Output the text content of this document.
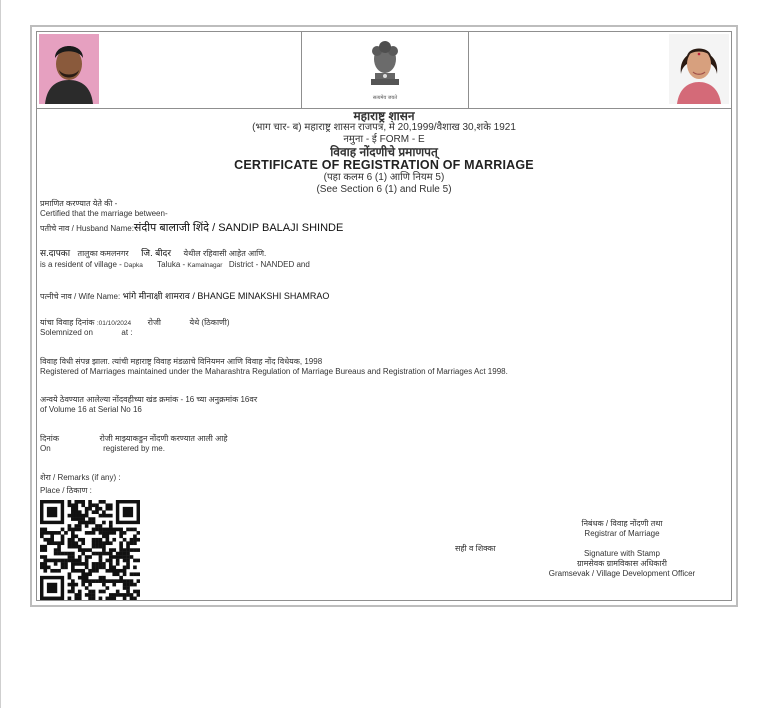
सत्यमेव जयते
महाराष्ट्र शासन
(भाग चार- ब) महाराष्ट्र शासन राजपत्र, मे 20,1999/वैशाख 30,शके 1921
नमुना - ई FORM - E
विवाह नोंदणीचे प्रमाणपत्
CERTIFICATE OF REGISTRATION OF MARRIAGE
(पहा कलम 6 (1) आणि नियम 5)
(See Section 6 (1) and Rule 5)
प्रमाणित करण्यात येते की -
Certified that the marriage between-
पतीचे नाव / Husband Name:संदीप बालाजी शिंदे / SANDIP BALAJI SHINDE
स.दापका तालुका कमलनगर जि. बीदर येथील रहिवासी आहेत आणि.
is a resident of village - Dapka Taluka - Kamalnagar District - NANDED and
पत्नीचे नाव / Wife Name: भांगे मीनाक्षी शामराव / BHANGE MINAKSHI SHAMRAO
यांचा विवाह दिनांक :01/10/2024 रोजी	येथे (ठिकाणी)
Solemnized on	at :
विवाह विधी संपन्न झाला. त्यांची महाराष्ट्र विवाह मंडळाचे विनियमन आणि विवाह नोंद विधेयक, 1998
Registered of Marriages maintained under the Maharashtra Regulation of Marriage Bureaus and Registration of Marriages Act 1998.
अन्वये ठेवण्यात आलेल्या नोंदवहीच्या खंड क्रमांक - 16 च्या अनुक्रमांक 16वर
of Volume 16 at Serial No 16
दिनांक	रोजी माझ्याकडुन नोंदणी करण्यात आली आहे
On	registered by me.
शेरा / Remarks (if any) :
Place / ठिकाण :
सही व शिक्का
निबंधक / विवाह नोंदणी तथा
Registrar of Marriage
Signature with Stamp
ग्रामसेवक ग्रामविकास अधिकारी
Gramsevak / Village Development Officer
